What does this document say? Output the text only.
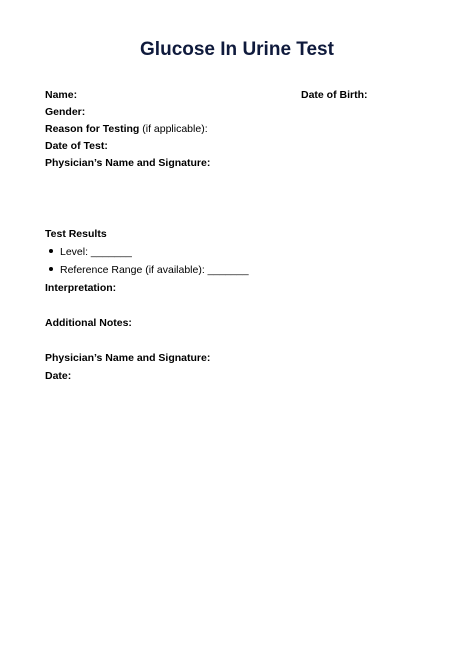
Glucose In Urine Test
Name:	Date of Birth:
Gender:
Reason for Testing (if applicable):
Date of Test:
Physician’s Name and Signature:
Test Results
Level: _______
Reference Range (if available): _______
Interpretation:
Additional Notes:
Physician’s Name and Signature:
Date:
